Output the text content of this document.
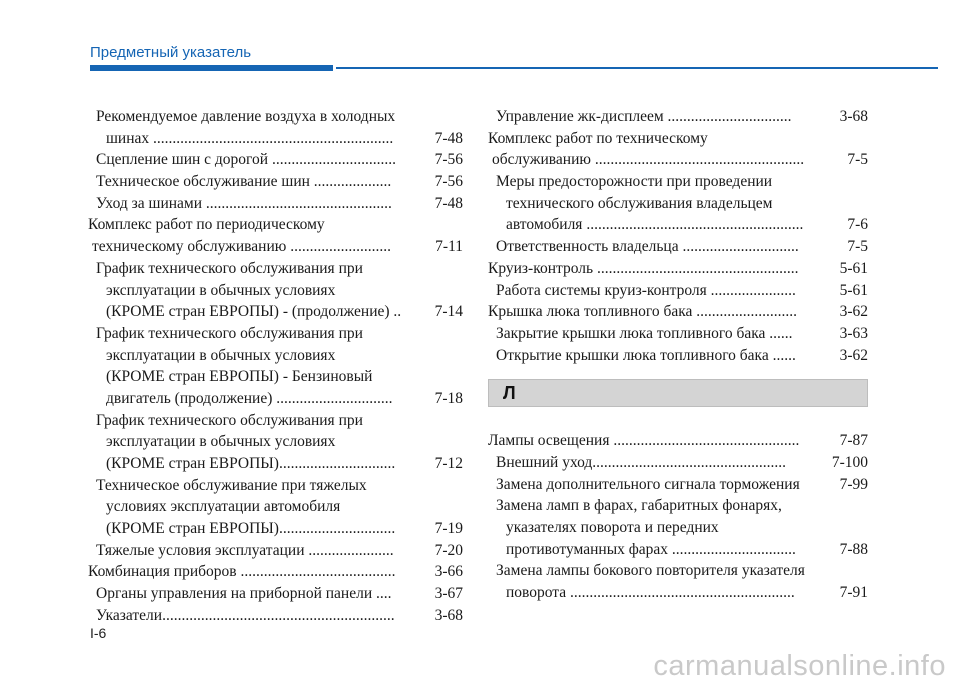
Предметный указатель
Рекомендуемое давление воздуха в холодных
шинах ..............................................................	7-48
Сцепление шин с дорогой ................................ 7-56
Техническое обслуживание шин ....................	7-56
Уход за шинами ................................................	7-48
Комплекс работ по периодическому
техническому обслуживанию ..........................	7-11
График технического обслуживания при
эксплуатации в обычных условиях
(КРОМЕ стран ЕВРОПЫ) - (продолжение) .. 7-14
График технического обслуживания при
эксплуатации в обычных условиях
(КРОМЕ стран ЕВРОПЫ) - Бензиновый
двигатель (продолжение) ..............................	7-18
График технического обслуживания при
эксплуатации в обычных условиях
(КРОМЕ стран ЕВРОПЫ)..............................	7-12
Техническое обслуживание при тяжелых
условиях эксплуатации автомобиля
(КРОМЕ стран ЕВРОПЫ)..............................	7-19
Тяжелые условия эксплуатации ......................	7-20
Комбинация приборов ........................................	3-66
Органы управления на приборной панели ....	3-67
Указатели............................................................	3-68
Управление жк-дисплеем ................................	3-68
Комплекс работ по техническому
обслуживанию ......................................................	7-5
Меры предосторожности при проведении
технического обслуживания владельцем
автомобиля ........................................................	7-6
Ответственность владельца ..............................	7-5
Круиз-контроль ....................................................	5-61
Работа системы круиз-контроля ......................	5-61
Крышка люка топливного бака ..........................	3-62
Закрытие крышки люка топливного бака ......	3-63
Открытие крышки люка топливного бака ......	3-62
Л
Лампы освещения ................................................	7-87
Внешний уход..................................................	7-100
Замена дополнительного сигнала торможения	7-99
Замена ламп в фарах, габаритных фонарях,
указателях поворота и передних
противотуманных фарах ................................	7-88
Замена лампы бокового повторителя указателя
поворота ..........................................................	7-91
I-6
carmanualsonline.info
